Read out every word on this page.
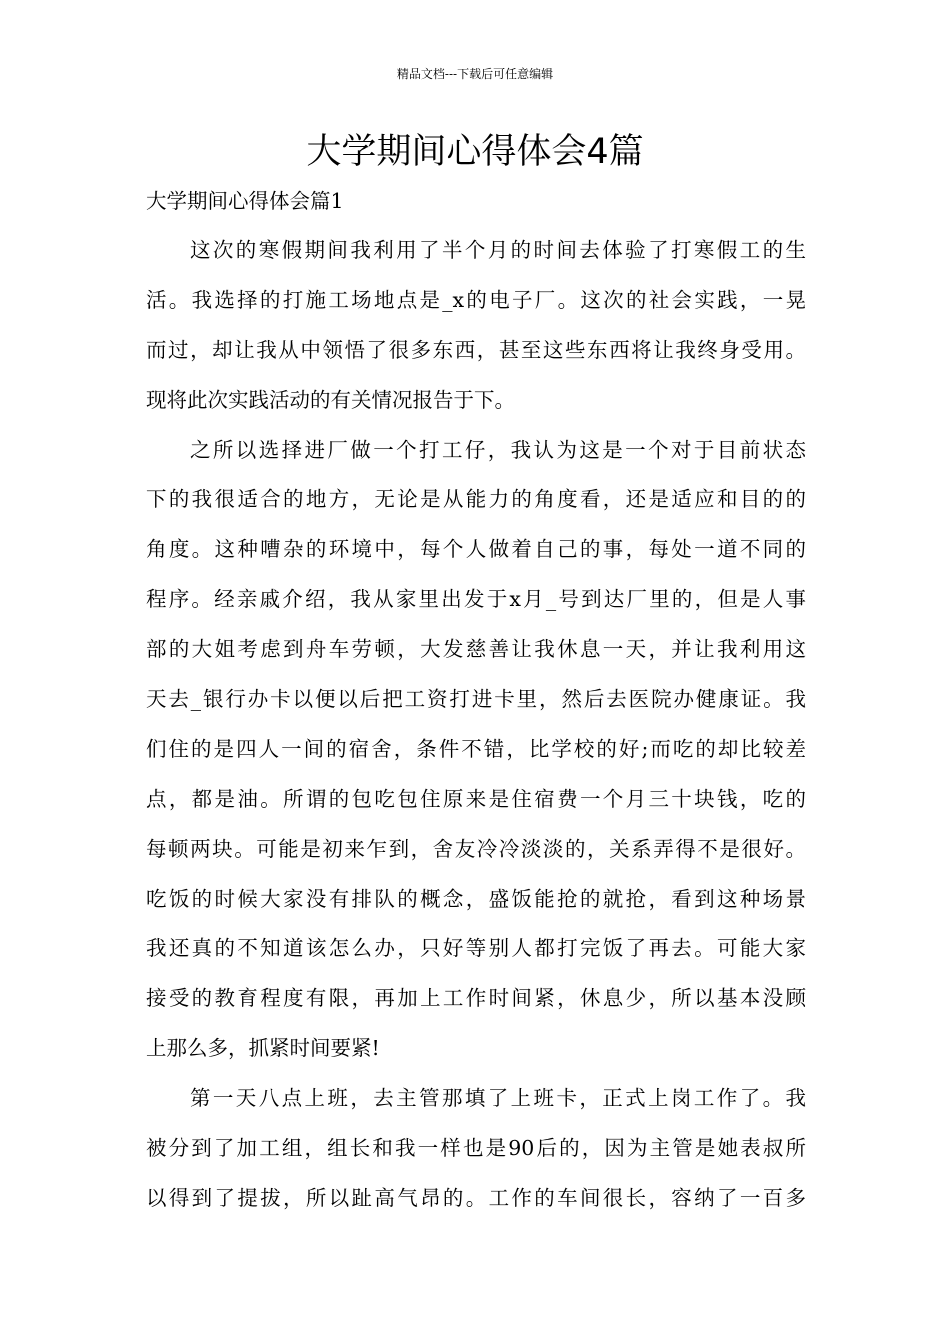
精品文档---下载后可任意编辑
大学期间心得体会4篇
大学期间心得体会篇1
这次的寒假期间我利用了半个月的时间去体验了打寒假工的生
活。我选择的打施工场地点是_x的电子厂。这次的社会实践，一晃
而过，却让我从中领悟了很多东西，甚至这些东西将让我终身受用。
现将此次实践活动的有关情况报告于下。
之所以选择进厂做一个打工仔，我认为这是一个对于目前状态
下的我很适合的地方，无论是从能力的角度看，还是适应和目的的
角度。这种嘈杂的环境中，每个人做着自己的事，每处一道不同的
程序。经亲戚介绍，我从家里出发于x月_号到达厂里的，但是人事
部的大姐考虑到舟车劳顿，大发慈善让我休息一天，并让我利用这
天去_银行办卡以便以后把工资打进卡里，然后去医院办健康证。我
们住的是四人一间的宿舍，条件不错，比学校的好;而吃的却比较差
点，都是油。所谓的包吃包住原来是住宿费一个月三十块钱，吃的
每顿两块。可能是初来乍到，舍友冷冷淡淡的，关系弄得不是很好。
吃饭的时候大家没有排队的概念，盛饭能抢的就抢，看到这种场景
我还真的不知道该怎么办，只好等别人都打完饭了再去。可能大家
接受的教育程度有限，再加上工作时间紧，休息少，所以基本没顾
上那么多，抓紧时间要紧!
第一天八点上班，去主管那填了上班卡，正式上岗工作了。我
被分到了加工组，组长和我一样也是90后的，因为主管是她表叔所
以得到了提拔，所以趾高气昂的。工作的车间很长，容纳了一百多
